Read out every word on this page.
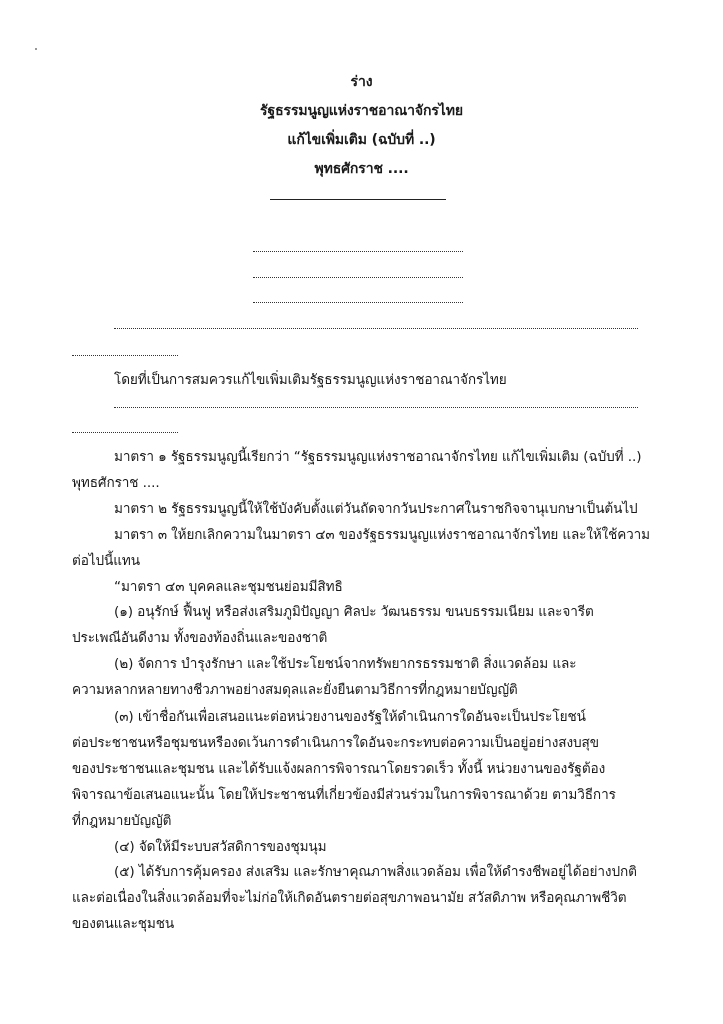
ร่าง
รัฐธรรมนูญแห่งราชอาณาจักรไทย
แก้ไขเพิ่มเติม (ฉบับที่ ..)
พุทธศักราช ....
โดยที่เป็นการสมควรแก้ไขเพิ่มเติมรัฐธรรมนูญแห่งราชอาณาจักรไทย
มาตรา ๑ รัฐธรรมนูญนี้เรียกว่า “รัฐธรรมนูญแห่งราชอาณาจักรไทย แก้ไขเพิ่มเติม (ฉบับที่ ..)
พุทธศักราช ....
มาตรา ๒ รัฐธรรมนูญนี้ให้ใช้บังคับตั้งแต่วันถัดจากวันประกาศในราชกิจจานุเบกษาเป็นต้นไป
มาตรา ๓ ให้ยกเลิกความในมาตรา ๔๓ ของรัฐธรรมนูญแห่งราชอาณาจักรไทย และให้ใช้ความ
ต่อไปนี้แทน
“มาตรา ๔๓ บุคคลและชุมชนย่อมมีสิทธิ
(๑) อนุรักษ์ ฟื้นฟู หรือส่งเสริมภูมิปัญญา ศิลปะ วัฒนธรรม ขนบธรรมเนียม และจารีต
ประเพณีอันดีงาม ทั้งของท้องถิ่นและของชาติ
(๒) จัดการ บำรุงรักษา และใช้ประโยชน์จากทรัพยากรธรรมชาติ สิ่งแวดล้อม และ
ความหลากหลายทางชีวภาพอย่างสมดุลและยั่งยืนตามวิธีการที่กฎหมายบัญญัติ
(๓) เข้าชื่อกันเพื่อเสนอแนะต่อหน่วยงานของรัฐให้ดำเนินการใดอันจะเป็นประโยชน์
ต่อประชาชนหรือชุมชนหรืองดเว้นการดำเนินการใดอันจะกระทบต่อความเป็นอยู่อย่างสงบสุข
ของประชาชนและชุมชน และได้รับแจ้งผลการพิจารณาโดยรวดเร็ว ทั้งนี้ หน่วยงานของรัฐต้อง
พิจารณาข้อเสนอแนะนั้น โดยให้ประชาชนที่เกี่ยวข้องมีส่วนร่วมในการพิจารณาด้วย ตามวิธีการ
ที่กฎหมายบัญญัติ
(๔) จัดให้มีระบบสวัสดิการของชุมนุม
(๕) ได้รับการคุ้มครอง ส่งเสริม และรักษาคุณภาพสิ่งแวดล้อม เพื่อให้ดำรงชีพอยู่ได้อย่างปกติ
และต่อเนื่องในสิ่งแวดล้อมที่จะไม่ก่อให้เกิดอันตรายต่อสุขภาพอนามัย สวัสดิภาพ หรือคุณภาพชีวิต
ของตนและชุมชน
